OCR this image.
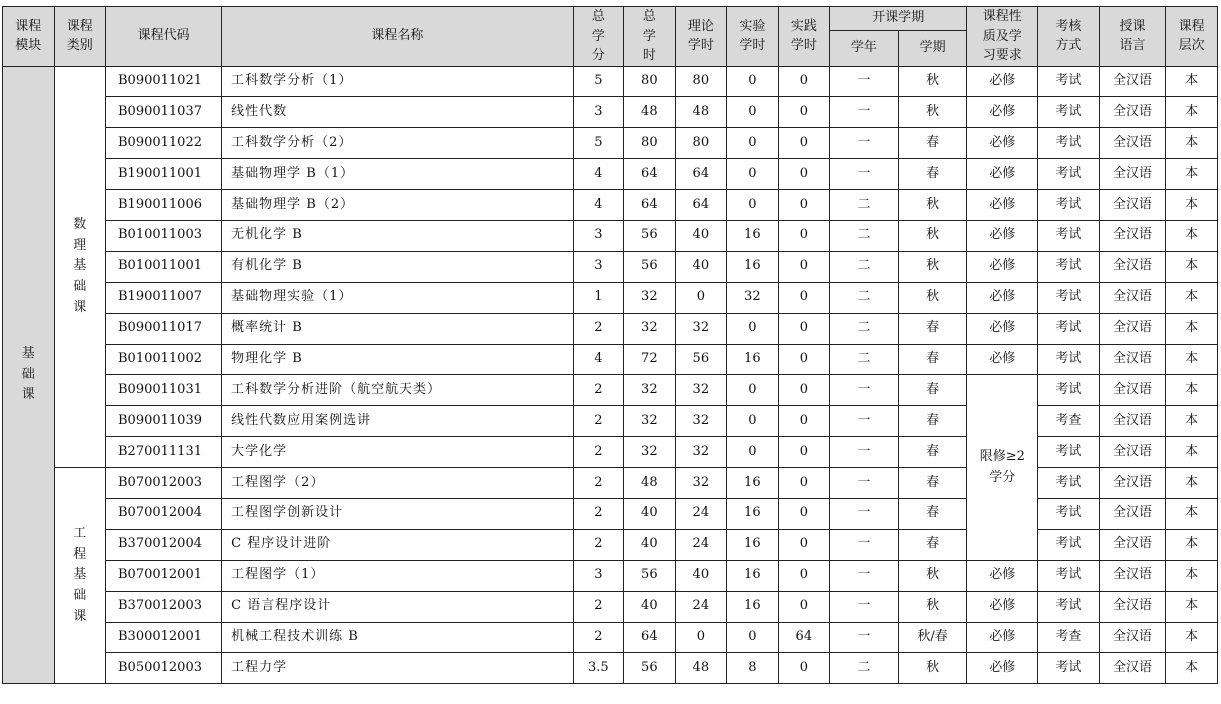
课程模块	课程类别	课程代码	课程名称	总学分	总学时	理论学时	实验学时	实践学时	开课学期		课程性质及学习要求	考核方式	授课语言	课程层次
									学年	学期				
基础课	数理基础课	B090011021	工科数学分析（1）	5	80	80	0	0	一	秋	必修	考试	全汉语	本
		B090011037	线性代数	3	48	48	0	0	一	秋	必修	考试	全汉语	本
		B090011022	工科数学分析（2）	5	80	80	0	0	一	春	必修	考试	全汉语	本
		B190011001	基础物理学 B（1）	4	64	64	0	0	一	春	必修	考试	全汉语	本
		B190011006	基础物理学 B（2）	4	64	64	0	0	二	秋	必修	考试	全汉语	本
		B010011003	无机化学 B	3	56	40	16	0	二	秋	必修	考试	全汉语	本
		B010011001	有机化学 B	3	56	40	16	0	二	秋	必修	考试	全汉语	本
		B190011007	基础物理实验（1）	1	32	0	32	0	二	秋	必修	考试	全汉语	本
		B090011017	概率统计 B	2	32	32	0	0	二	春	必修	考试	全汉语	本
		B010011002	物理化学 B	4	72	56	16	0	二	春	必修	考试	全汉语	本
		B090011031	工科数学分析进阶（航空航天类）	2	32	32	0	0	一	春	限修≥2学分	考试	全汉语	本
		B090011039	线性代数应用案例选讲	2	32	32	0	0	一	春		考查	全汉语	本
		B270011131	大学化学	2	32	32	0	0	一	春		考试	全汉语	本
	工程基础课	B070012003	工程图学（2）	2	48	32	16	0	一	春		考试	全汉语	本
		B070012004	工程图学创新设计	2	40	24	16	0	一	春		考试	全汉语	本
		B370012004	C 程序设计进阶	2	40	24	16	0	一	春		考试	全汉语	本
		B070012001	工程图学（1）	3	56	40	16	0	一	秋	必修	考试	全汉语	本
		B370012003	C 语言程序设计	2	40	24	16	0	一	秋	必修	考试	全汉语	本
		B300012001	机械工程技术训练 B	2	64	0	0	64	一	秋/春	必修	考查	全汉语	本
		B050012003	工程力学	3.5	56	48	8	0	二	秋	必修	考试	全汉语	本
